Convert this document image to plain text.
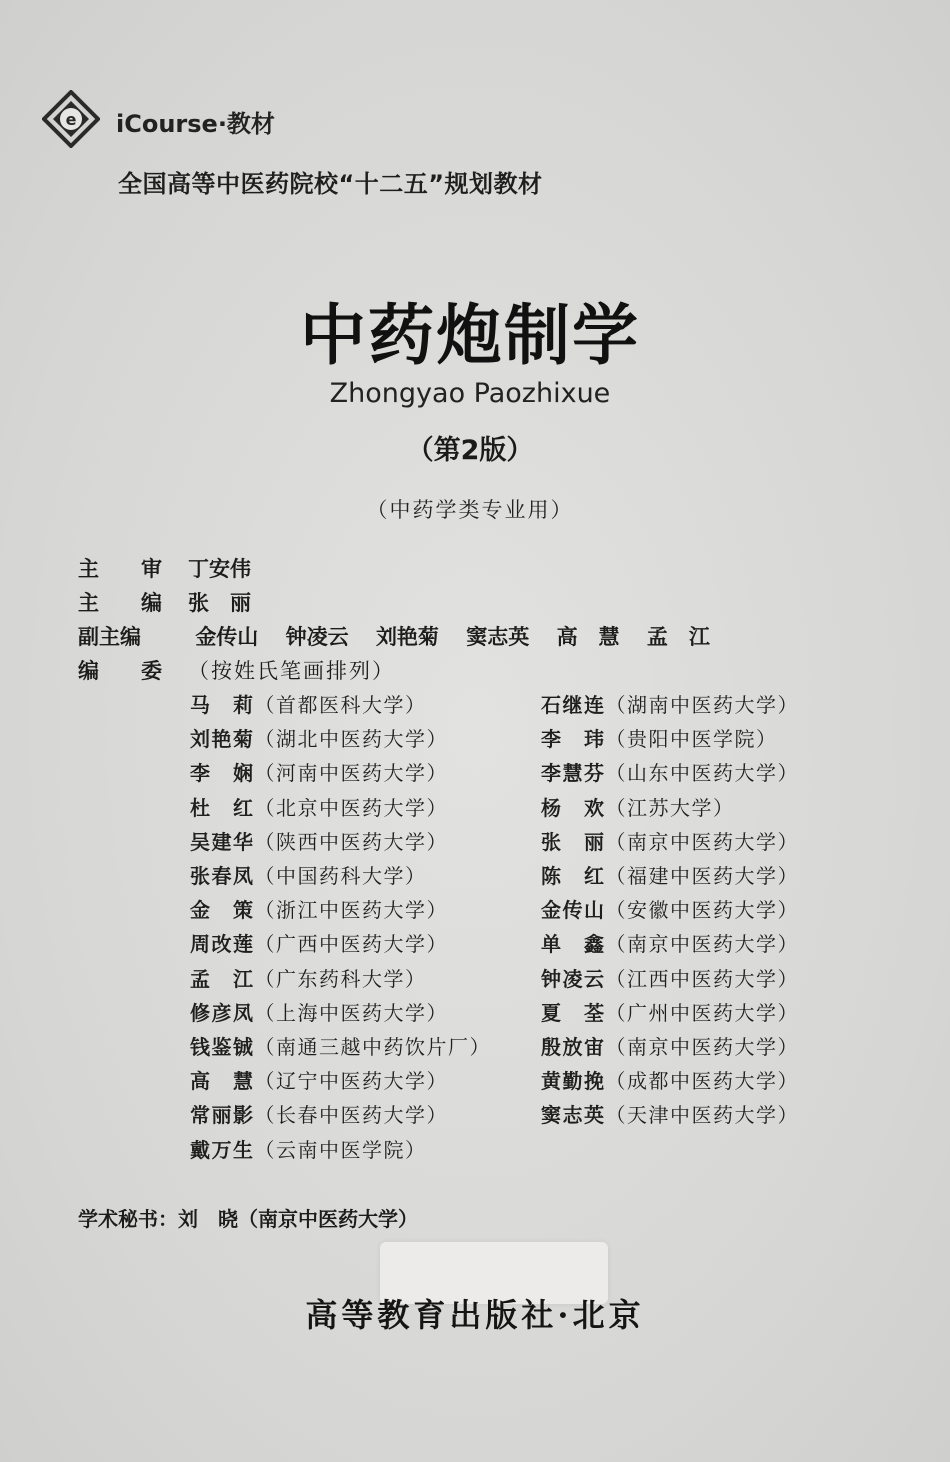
e iCourse·教材
全国高等中医药院校“十二五”规划教材
中药炮制学
Zhongyao Paozhixue
（第2版）
（中药学类专业用）
主　　审 丁安伟
主　　编 张　丽
副主编	金传山 钟凌云 刘艳菊 窦志英 高　慧 孟　江
编　　委 （按姓氏笔画排列）
马　莉（首都医科大学）
刘艳菊（湖北中医药大学）
李　娴（河南中医药大学）
杜　红（北京中医药大学）
吴建华（陕西中医药大学）
张春凤（中国药科大学）
金　策（浙江中医药大学）
周改莲（广西中医药大学）
孟　江（广东药科大学）
修彦凤（上海中医药大学）
钱鉴铖（南通三越中药饮片厂）
高　慧（辽宁中医药大学）
常丽影（长春中医药大学）
戴万生（云南中医学院）
石继连（湖南中医药大学）
李　玮（贵阳中医学院）
李慧芬（山东中医药大学）
杨　欢（江苏大学）
张　丽（南京中医药大学）
陈　红（福建中医药大学）
金传山（安徽中医药大学）
单　鑫（南京中医药大学）
钟凌云（江西中医药大学）
夏　荃（广州中医药大学）
殷放宙（南京中医药大学）
黄勤挽（成都中医药大学）
窦志英（天津中医药大学）
学术秘书：刘　晓（南京中医药大学）
高等教育出版社·北京
